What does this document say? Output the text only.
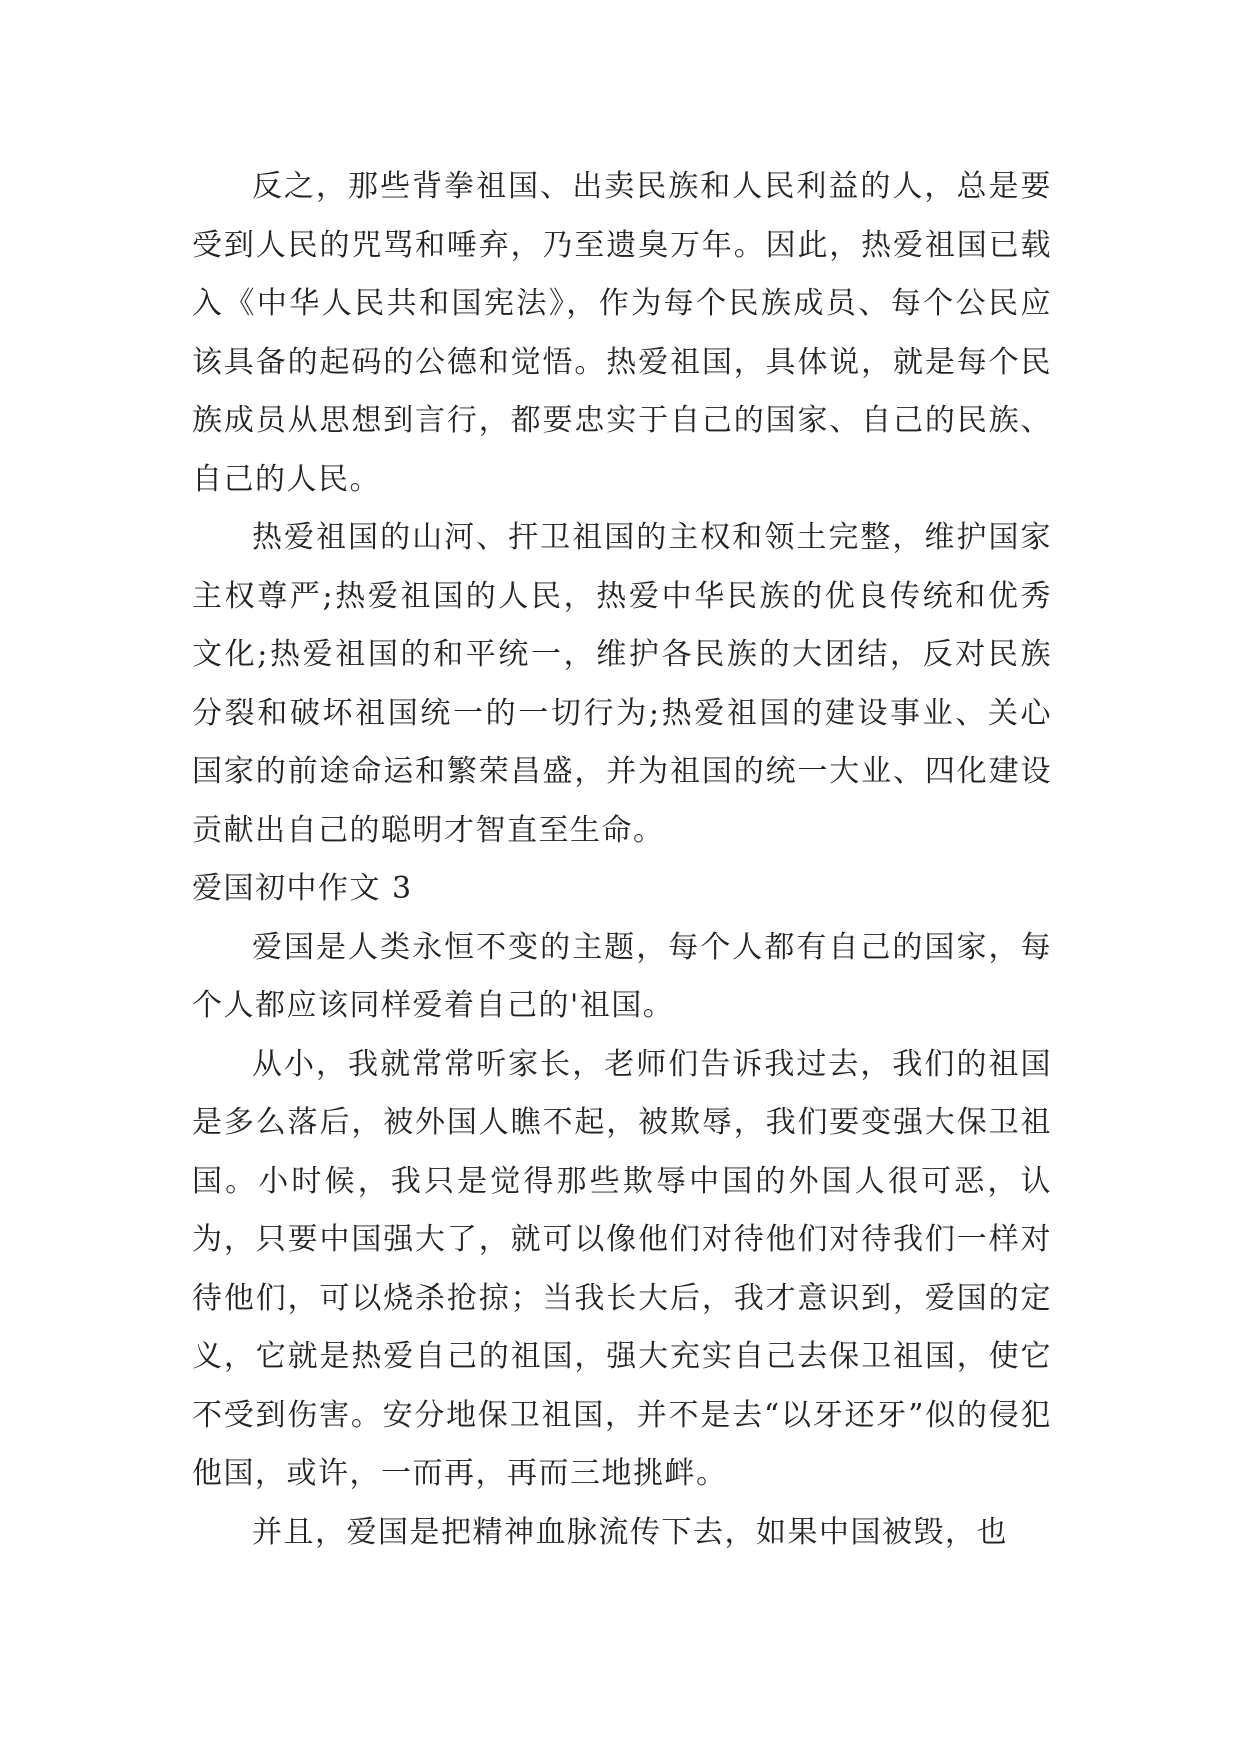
反之，那些背拳祖国、出卖民族和人民利益的人，总是要受到人民的咒骂和唾弃，乃至遗臭万年。因此，热爱祖国已载入《中华人民共和国宪法》，作为每个民族成员、每个公民应该具备的起码的公德和觉悟。热爱祖国，具体说，就是每个民族成员从思想到言行，都要忠实于自己的国家、自己的民族、自己的人民。

热爱祖国的山河、扞卫祖国的主权和领土完整，维护国家主权尊严;热爱祖国的人民，热爱中华民族的优良传统和优秀文化;热爱祖国的和平统一，维护各民族的大团结，反对民族分裂和破坏祖国统一的一切行为;热爱祖国的建设事业、关心国家的前途命运和繁荣昌盛，并为祖国的统一大业、四化建设贡献出自己的聪明才智直至生命。

爱国初中作文 3

爱国是人类永恒不变的主题，每个人都有自己的国家，每个人都应该同样爱着自己的'祖国。

从小，我就常常听家长，老师们告诉我过去，我们的祖国是多么落后，被外国人瞧不起，被欺辱，我们要变强大保卫祖国。小时候，我只是觉得那些欺辱中国的外国人很可恶，认为，只要中国强大了，就可以像他们对待他们对待我们一样对待他们，可以烧杀抢掠；当我长大后，我才意识到，爱国的定义，它就是热爱自己的祖国，强大充实自己去保卫祖国，使它不受到伤害。安分地保卫祖国，并不是去“以牙还牙”似的侵犯他国，或许，一而再，再而三地挑衅。

并且，爱国是把精神血脉流传下去，如果中国被毁，也
